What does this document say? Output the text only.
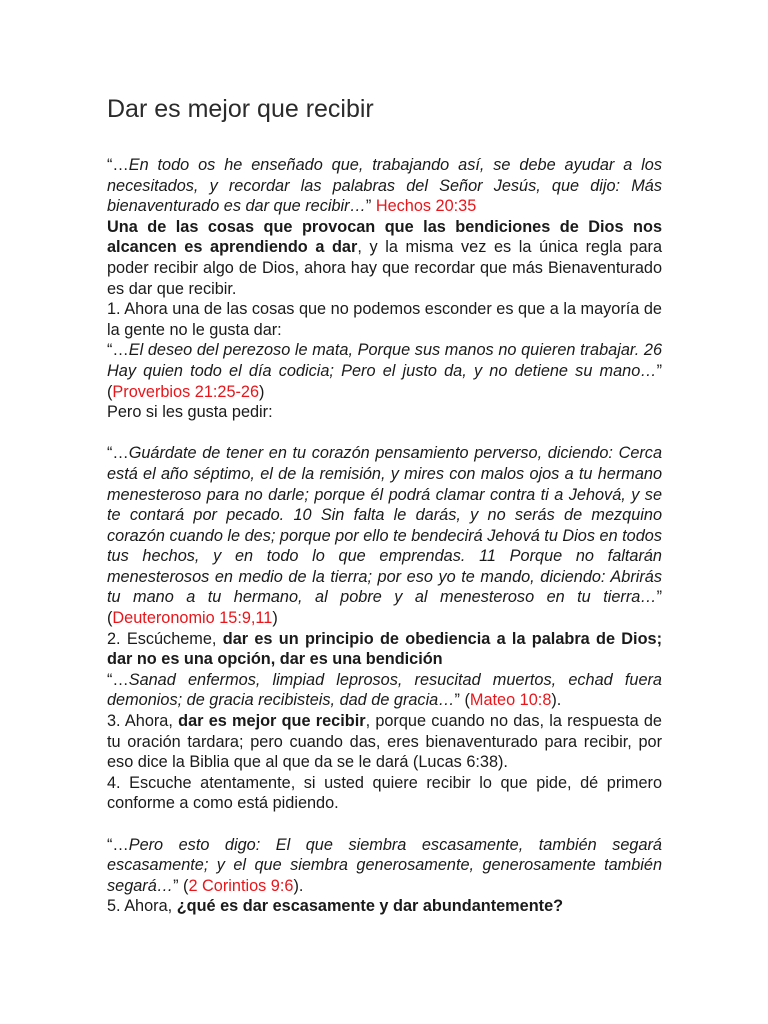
Dar es mejor que recibir

“…En todo os he enseñado que, trabajando así, se debe ayudar a los necesitados, y recordar las palabras del Señor Jesús, que dijo: Más bienaventurado es dar que recibir…” Hechos 20:35

Una de las cosas que provocan que las bendiciones de Dios nos alcancen es aprendiendo a dar, y la misma vez es la única regla para poder recibir algo de Dios, ahora hay que recordar que más Bienaventurado es dar que recibir.

1. Ahora una de las cosas que no podemos esconder es que a la mayoría de la gente no le gusta dar:

“…El deseo del perezoso le mata, Porque sus manos no quieren trabajar. 26 Hay quien todo el día codicia; Pero el justo da, y no detiene su mano…” (Proverbios 21:25-26)

Pero si les gusta pedir:

“…Guárdate de tener en tu corazón pensamiento perverso, diciendo: Cerca está el año séptimo, el de la remisión, y mires con malos ojos a tu hermano menesteroso para no darle; porque él podrá clamar contra ti a Jehová, y se te contará por pecado. 10 Sin falta le darás, y no serás de mezquino corazón cuando le des; porque por ello te bendecirá Jehová tu Dios en todos tus hechos, y en todo lo que emprendas. 11 Porque no faltarán menesterosos en medio de la tierra; por eso yo te mando, diciendo: Abrirás tu mano a tu hermano, al pobre y al menesteroso en tu tierra…” (Deuteronomio 15:9,11)

2. Escúcheme, dar es un principio de obediencia a la palabra de Dios; dar no es una opción, dar es una bendición

“…Sanad enfermos, limpiad leprosos, resucitad muertos, echad fuera demonios; de gracia recibisteis, dad de gracia…” (Mateo 10:8).

3. Ahora, dar es mejor que recibir, porque cuando no das, la respuesta de tu oración tardara; pero cuando das, eres bienaventurado para recibir, por eso dice la Biblia que al que da se le dará (Lucas 6:38).

4. Escuche atentamente, si usted quiere recibir lo que pide, dé primero conforme a como está pidiendo.

“…Pero esto digo: El que siembra escasamente, también segará escasamente; y el que siembra generosamente, generosamente también segará…” (2 Corintios 9:6).

5. Ahora, ¿qué es dar escasamente y dar abundantemente?
